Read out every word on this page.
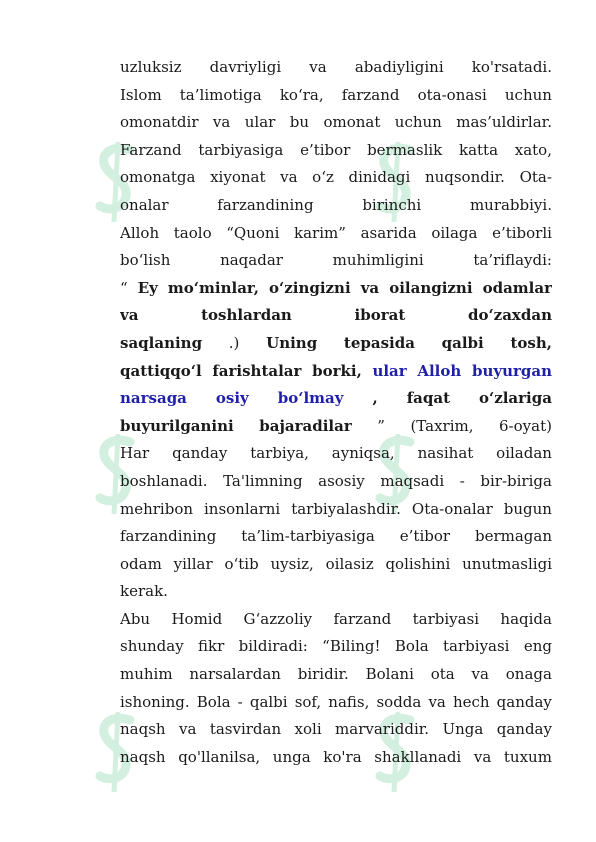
uzluksiz davriyligi va abadiyligini ko'rsatadi.
Islom ta’limotiga ko‘ra, farzand ota-onasi uchun
omonatdir va ular bu omonat uchun mas’uldirlar.
Farzand tarbiyasiga e’tibor bermaslik katta xato,
omonatga xiyonat va o‘z dinidagi nuqsondir. Ota-
onalar	farzandining	birinchi	murabbiyi.
Alloh taolo “Quoni karim” asarida oilaga e’tiborli
bo‘lish	naqadar	muhimligini	ta’riflaydi:
“ Ey mo‘minlar, o‘zingizni va oilangizni odamlar
va	toshlardan	iborat	do‘zaxdan
saqlaning .) Uning tepasida qalbi tosh,
qattiqqo‘l farishtalar borki, ular Alloh buyurgan
narsaga osiy bo‘lmay , faqat o‘zlariga
buyurilganini bajaradilar ” (Taxrim, 6-oyat)
Har qanday tarbiya, ayniqsa, nasihat oiladan
boshlanadi. Ta'limning asosiy maqsadi - bir-biriga
mehribon insonlarni tarbiyalashdir. Ota-onalar bugun
farzandining ta’lim-tarbiyasiga e’tibor bermagan
odam yillar o‘tib uysiz, oilasiz qolishini unutmasligi
kerak.
Abu Homid G‘azzoliy farzand tarbiyasi haqida
shunday fikr bildiradi: “Biling! Bola tarbiyasi eng
muhim narsalardan biridir. Bolani ota va onaga
ishoning. Bola - qalbi sof, nafis, sodda va hech qanday
naqsh va tasvirdan xoli marvariddir. Unga qanday
naqsh qo'llanilsa, unga ko'ra shakllanadi va tuxum
